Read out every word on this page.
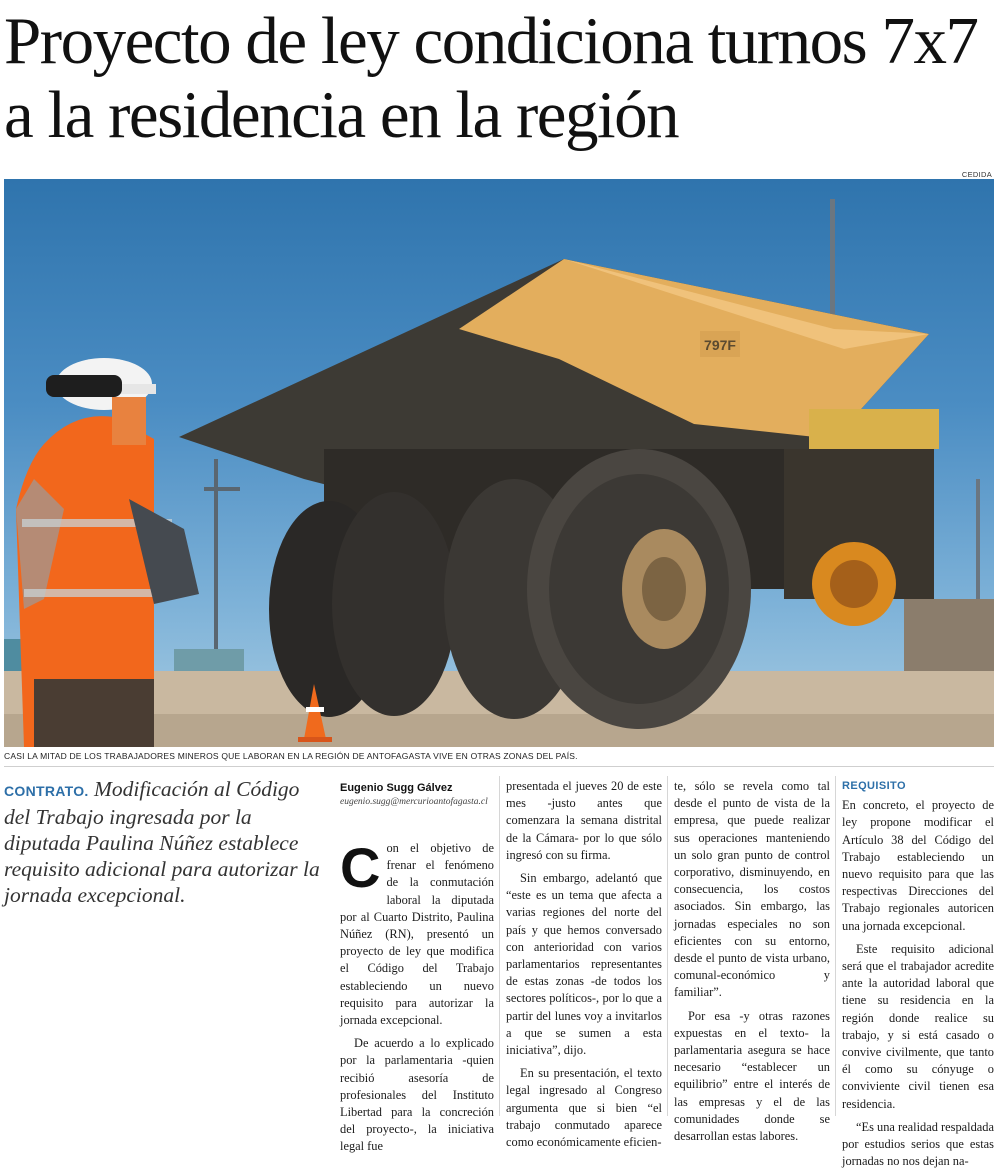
Proyecto de ley condiciona turnos 7x7 a la residencia en la región
CEDIDA
797F
CASI LA MITAD DE LOS TRABAJADORES MINEROS QUE LABORAN EN LA REGIÓN DE ANTOFAGASTA VIVE EN OTRAS ZONAS DEL PAÍS.
CONTRATO. Modificación al Código del Trabajo ingresada por la diputada Paulina Núñez establece requisito adicional para autorizar la jornada excepcional.
Eugenio Sugg Gálvez
eugenio.sugg@mercurioantofagasta.cl

Con el objetivo de frenar el fenómeno de la conmutación laboral la diputada por al Cuarto Distrito, Paulina Núñez (RN), presentó un proyecto de ley que modifica el Código del Trabajo estableciendo un nuevo requisito para autorizar la jornada excepcional.

De acuerdo a lo explicado por la parlamentaria -quien recibió asesoría de profesionales del Instituto Libertad para la concreción del proyecto-, la iniciativa legal fue

presentada el jueves 20 de este mes -justo antes que comenzara la semana distrital de la Cámara- por lo que sólo ingresó con su firma.

Sin embargo, adelantó que “este es un tema que afecta a varias regiones del norte del país y que hemos conversado con anterioridad con varios parlamentarios representantes de estas zonas -de todos los sectores políticos-, por lo que a partir del lunes voy a invitarlos a que se sumen a esta iniciativa”, dijo.

En su presentación, el texto legal ingresado al Congreso argumenta que si bien “el trabajo conmutado aparece como económicamente eficien-

te, sólo se revela como tal desde el punto de vista de la empresa, que puede realizar sus operaciones manteniendo un solo gran punto de control corporativo, disminuyendo, en consecuencia, los costos asociados. Sin embargo, las jornadas especiales no son eficientes con su entorno, desde el punto de vista urbano, comunal-económico y familiar”.

Por esa -y otras razones expuestas en el texto- la parlamentaria asegura se hace necesario “establecer un equilibrio” entre el interés de las empresas y el de las comunidades donde se desarrollan estas labores.

REQUISITO

En concreto, el proyecto de ley propone modificar el Artículo 38 del Código del Trabajo estableciendo un nuevo requisito para que las respectivas Direcciones del Trabajo regionales autoricen una jornada excepcional.

Este requisito adicional será que el trabajador acredite ante la autoridad laboral que tiene su residencia en la región donde realice su trabajo, y si está casado o convive civilmente, que tanto él como su cónyuge o conviviente civil tienen esa residencia.

“Es una realidad respaldada por estudios serios que estas jornadas no nos dejan na-
